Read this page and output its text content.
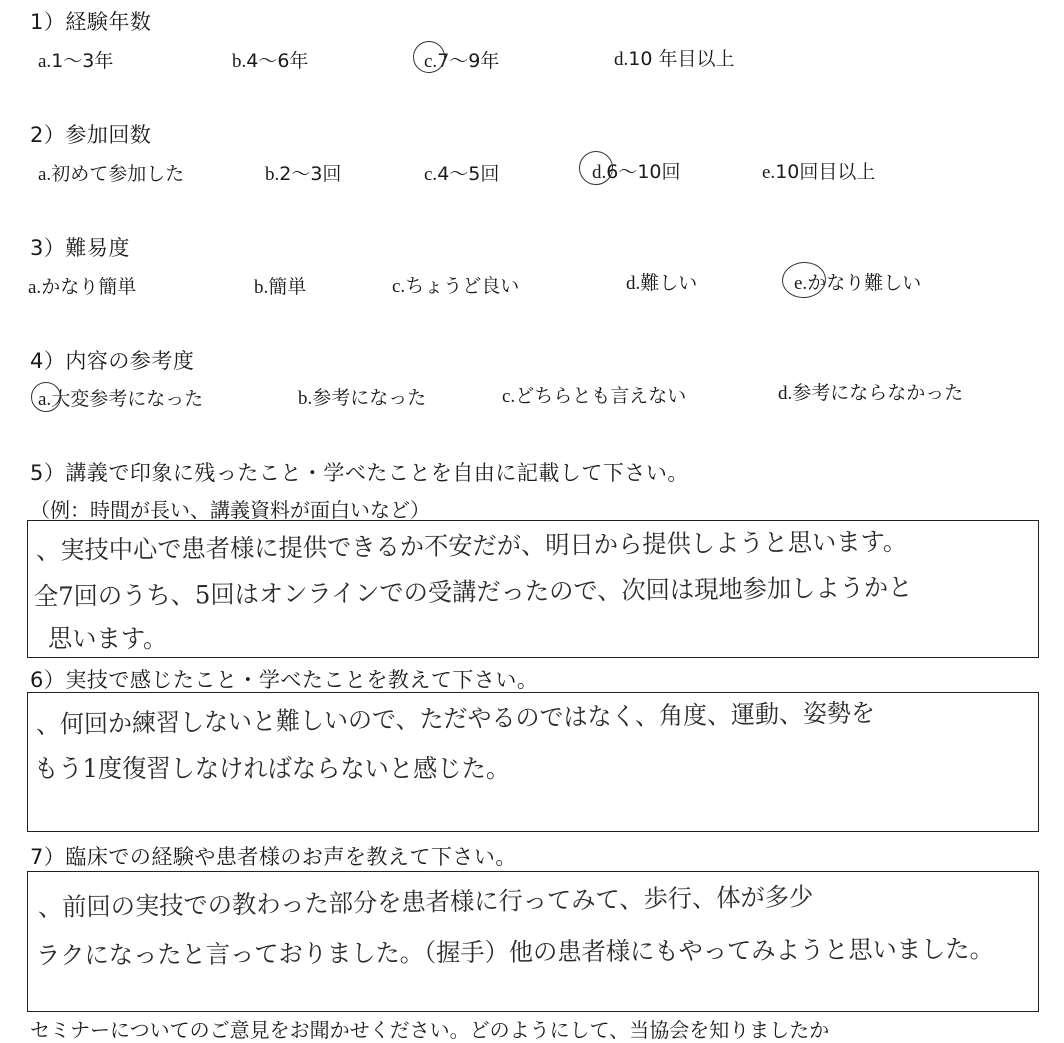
1）経験年数
a.1～3年	b.4～6年	c.7～9年	d.10 年目以上
2）参加回数
a.初めて参加した	b.2～3回	c.4～5回	d.6～10回	e.10回目以上
3）難易度
a.かなり簡単	b.簡単	c.ちょうど良い	d.難しい	e.かなり難しい
4）内容の参考度
a.大変参考になった	b.参考になった	c.どちらとも言えない	d.参考にならなかった
5）講義で印象に残ったこと・学べたことを自由に記載して下さい。
（例：時間が長い、講義資料が面白いなど）
、実技中心で患者様に提供できるか不安だが、明日から提供しようと思います。
全7回のうち、5回はオンラインでの受講だったので、次回は現地参加しようかと
思います。
6）実技で感じたこと・学べたことを教えて下さい。
、何回か練習しないと難しいので、ただやるのではなく、角度、運動、姿勢を
もう1度復習しなければならないと感じた。
7）臨床での経験や患者様のお声を教えて下さい。
、前回の実技での教わった部分を患者様に行ってみて、歩行、体が多少
ラクになったと言っておりました。（握手）他の患者様にもやってみようと思いました。
セミナーについてのご意見をお聞かせください。どのようにして、当協会を知りましたか
